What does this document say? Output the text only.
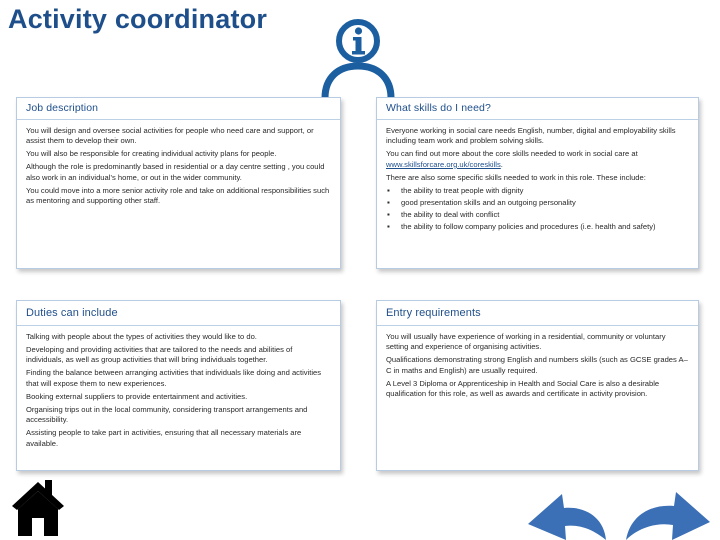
Activity coordinator
Job description

You will design and oversee social activities for people who need care and support, or assist them to develop their own.

You will also be responsible for creating individual activity plans for people.

Although the role is predominantly based in residential or a day centre setting , you could also work in an individual’s home, or out in the wider community.

You could move into a more senior activity role and take on additional responsibilities such as mentoring and supporting other staff.

What skills do I need?

Everyone working in social care needs English, number, digital and employability skills including team work and problem solving skills.

You can find out more about the core skills needed to work in social care at www.skillsforcare.org.uk/coreskills.

There are also some specific skills needed to work in this role. These include:

▪ the ability to treat people with dignity
▪ good presentation skills and an outgoing personality
▪ the ability to deal with conflict
▪ the ability to follow company policies and procedures (i.e. health and safety)
Duties can include

Talking with people about the types of activities they would like to do.

Developing and providing activities that are tailored to the needs and abilities of individuals, as well as group activities that will bring individuals together.

Finding the balance between arranging activities that individuals like doing and activities that will expose them to new experiences.

Booking external suppliers to provide entertainment and activities.

Organising trips out in the local community, considering transport arrangements and accessibility.

Assisting people to take part in activities, ensuring that all necessary materials are available.

Entry requirements

You will usually have experience of working in a residential, community or voluntary setting and experience of organising activities.

Qualifications demonstrating strong English and numbers skills (such as GCSE grades A–C in maths and English) are usually required.

A Level 3 Diploma or Apprenticeship in Health and Social Care is also a desirable qualification for this role, as well as awards and certificate in activity provision.
